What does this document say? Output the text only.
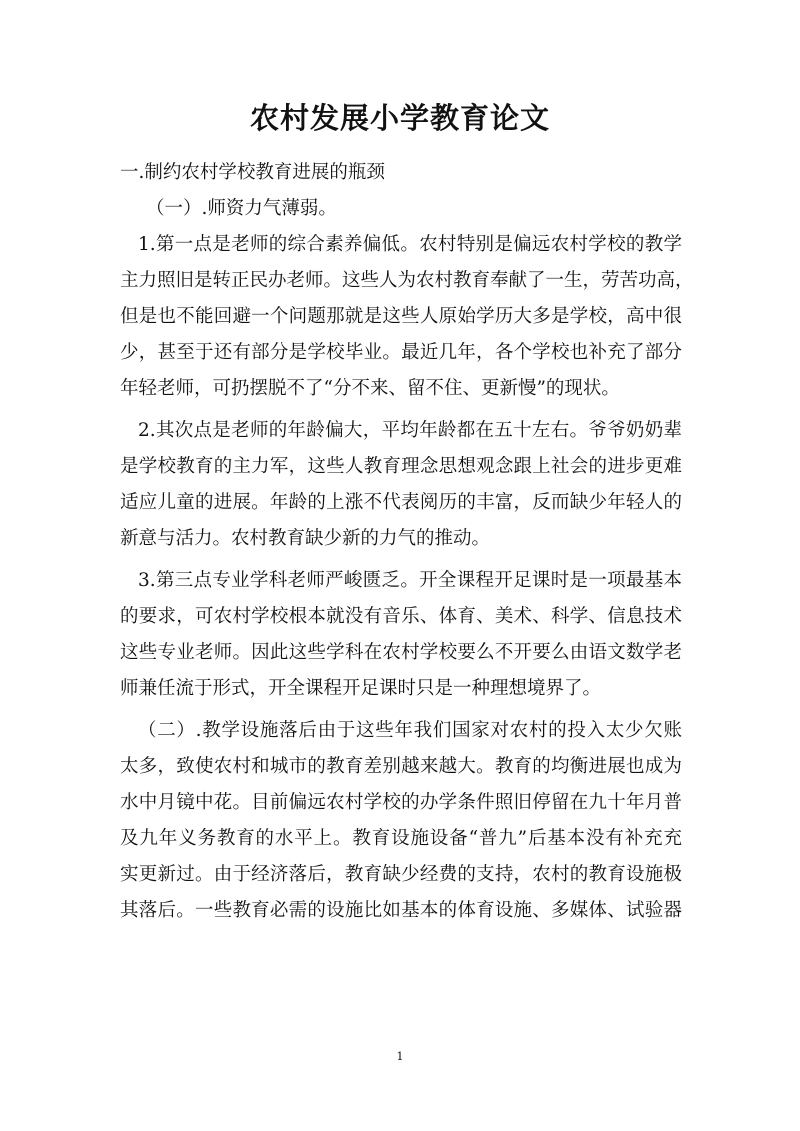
农村发展小学教育论文
一.制约农村学校教育进展的瓶颈
（一）.师资力气薄弱。
1.第一点是老师的综合素养偏低。农村特别是偏远农村学校的教学
主力照旧是转正民办老师。这些人为农村教育奉献了一生，劳苦功高，
但是也不能回避一个问题那就是这些人原始学历大多是学校，高中很
少，甚至于还有部分是学校毕业。最近几年，各个学校也补充了部分
年轻老师，可扔摆脱不了“分不来、留不住、更新慢”的现状。
2.其次点是老师的年龄偏大，平均年龄都在五十左右。爷爷奶奶辈
是学校教育的主力军，这些人教育理念思想观念跟上社会的进步更难
适应儿童的进展。年龄的上涨不代表阅历的丰富，反而缺少年轻人的
新意与活力。农村教育缺少新的力气的推动。
3.第三点专业学科老师严峻匮乏。开全课程开足课时是一项最基本
的要求，可农村学校根本就没有音乐、体育、美术、科学、信息技术
这些专业老师。因此这些学科在农村学校要么不开要么由语文数学老
师兼任流于形式，开全课程开足课时只是一种理想境界了。
（二）.教学设施落后由于这些年我们国家对农村的投入太少欠账
太多，致使农村和城市的教育差别越来越大。教育的均衡进展也成为
水中月镜中花。目前偏远农村学校的办学条件照旧停留在九十年月普
及九年义务教育的水平上。教育设施设备“普九”后基本没有补充充
实更新过。由于经济落后，教育缺少经费的支持，农村的教育设施极
其落后。一些教育必需的设施比如基本的体育设施、多媒体、试验器
1
